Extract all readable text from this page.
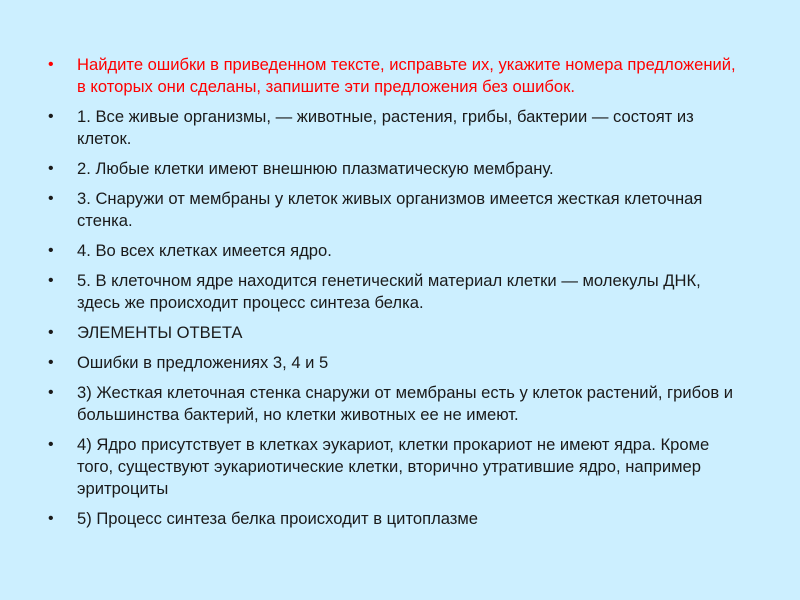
• Найдите ошибки в приведенном тексте, исправьте их, укажите номера предложений, в которых они сделаны, запишите эти предложения без ошибок.
• 1. Все живые организмы, — животные, растения, грибы, бактерии — состоят из клеток.
• 2. Любые клетки имеют внешнюю плазматическую мембрану.
• 3. Снаружи от мембраны у клеток живых организмов имеется жесткая клеточная стенка.
• 4. Во всех клетках имеется ядро.
• 5. В клеточном ядре находится генетический материал клетки — молекулы ДНК, здесь же происходит процесс синтеза белка.
• ЭЛЕМЕНТЫ ОТВЕТА
• Ошибки в предложениях 3, 4 и 5
• 3) Жесткая клеточная стенка снаружи от мембраны есть у клеток растений, грибов и большинства бактерий, но клетки животных ее не имеют.
• 4) Ядро присутствует в клетках эукариот, клетки прокариот не имеют ядра. Кроме того, существуют эукариотические клетки, вторично утратившие ядро, например эритроциты
• 5) Процесс синтеза белка происходит в цитоплазме
